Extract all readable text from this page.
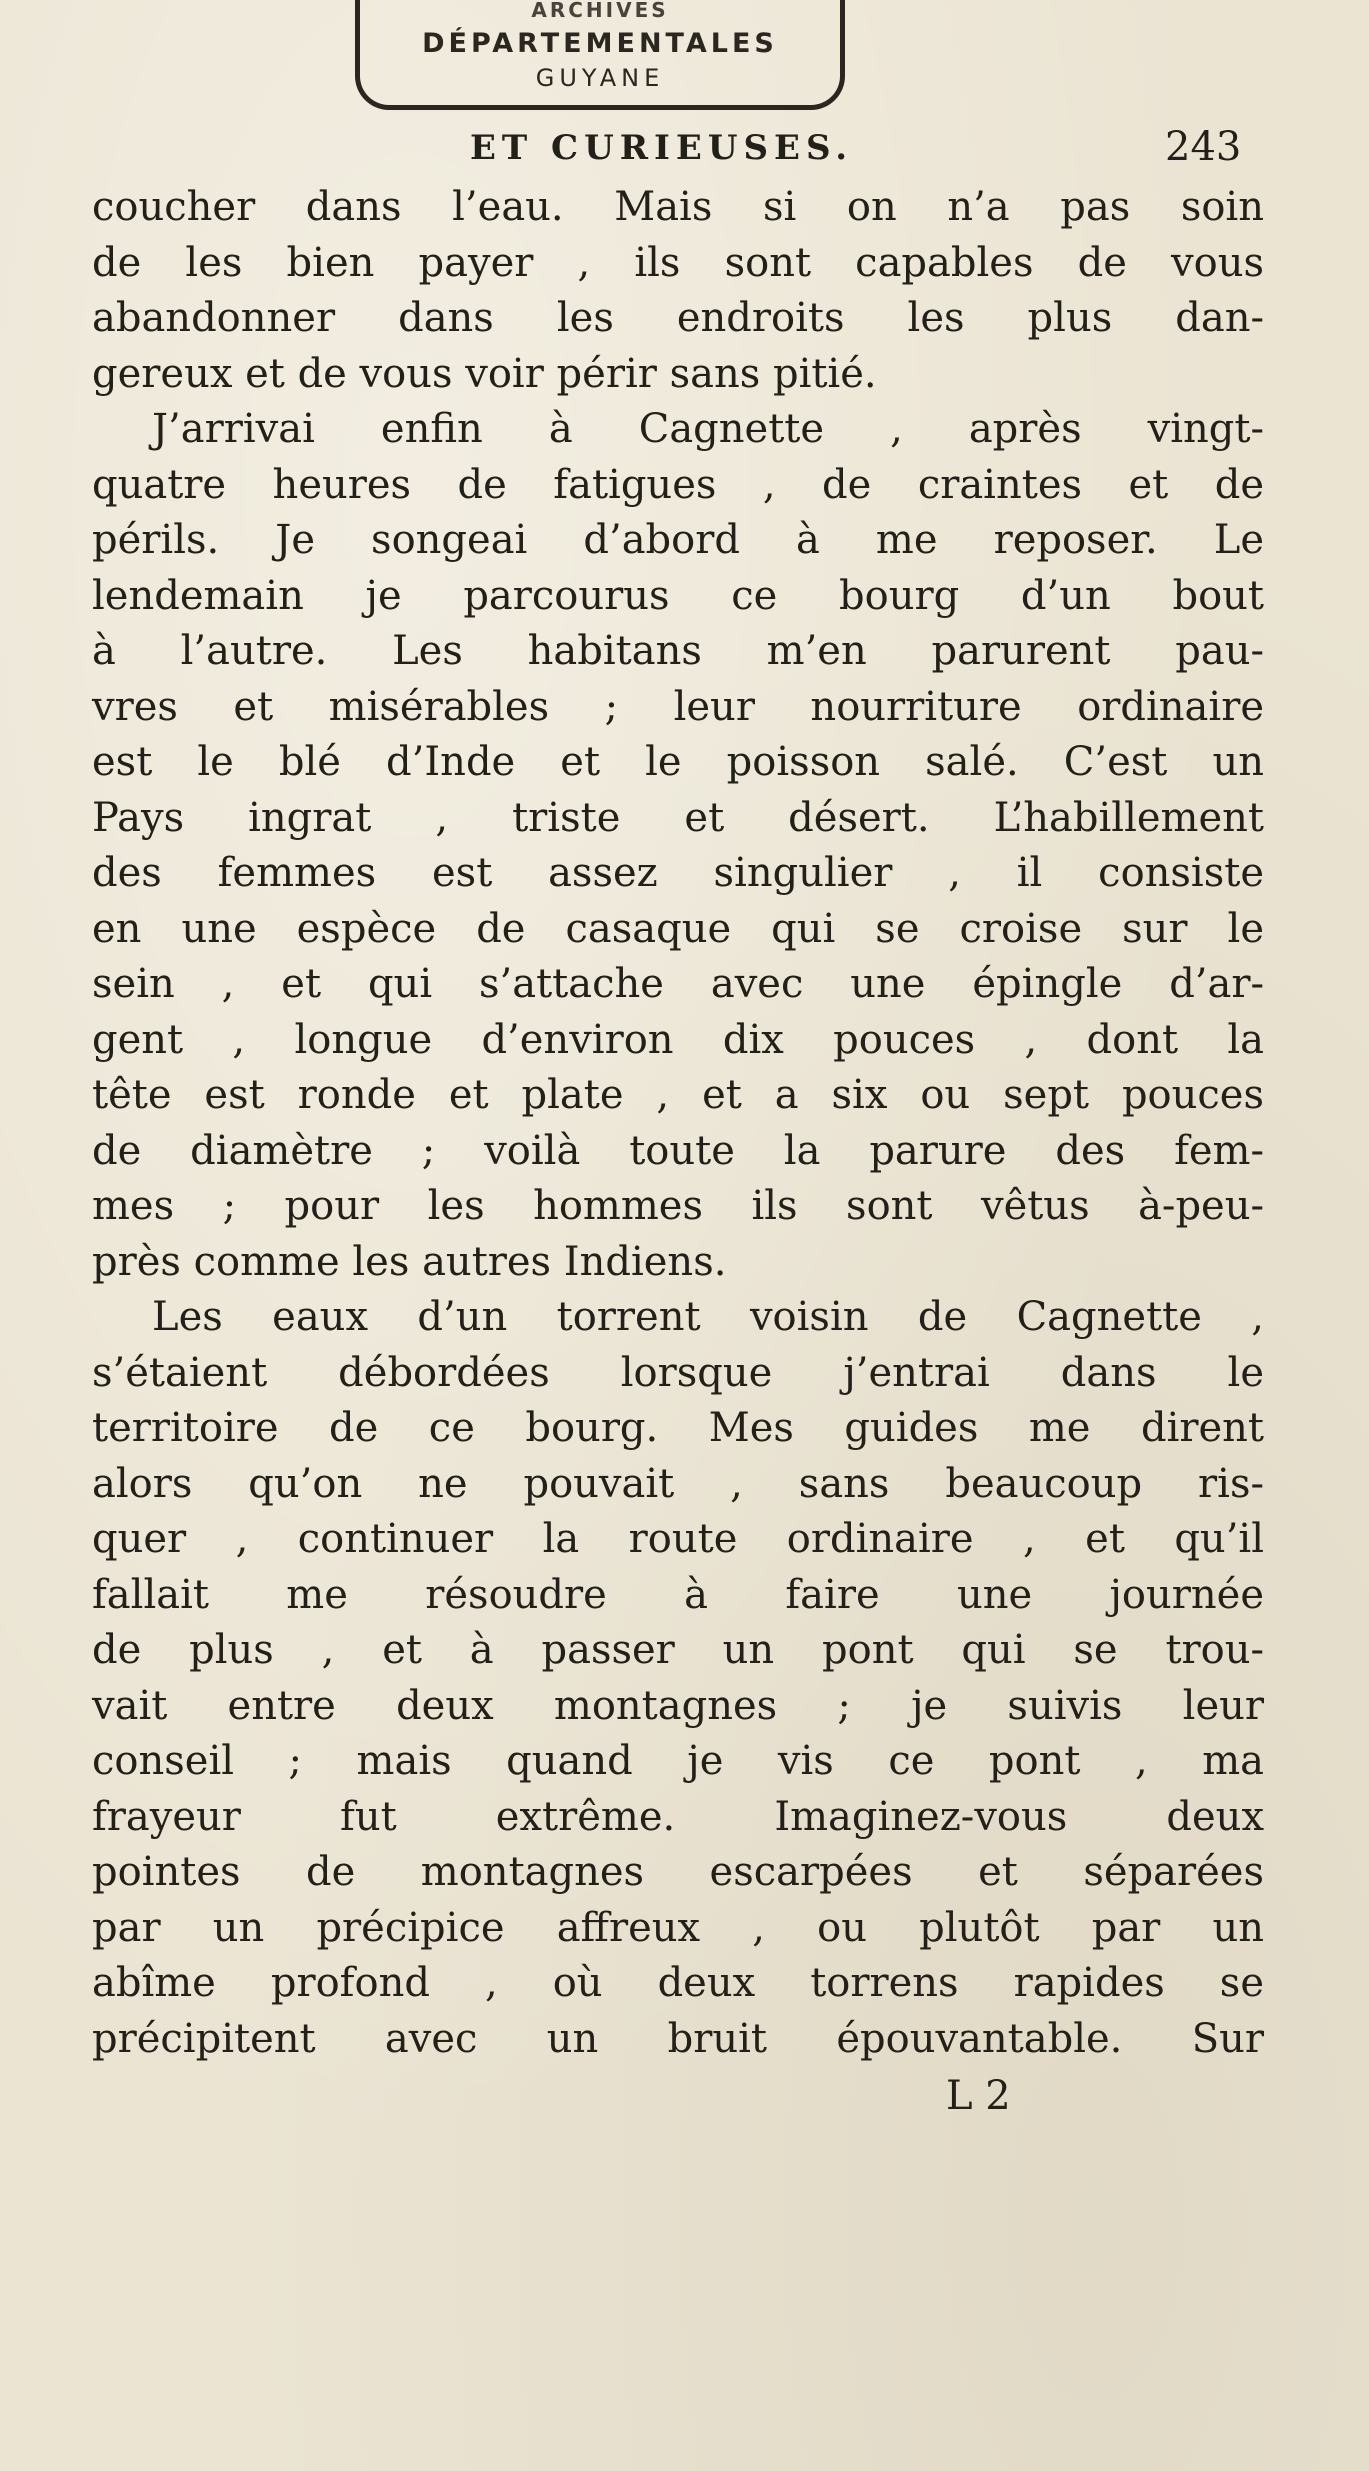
ARCHIVES
DÉPARTEMENTALES
GUYANE
ET CURIEUSES.	243
coucher dans l’eau. Mais si on n’a pas soin
de les bien payer , ils sont capables de vous
abandonner dans les endroits les plus dan-
gereux et de vous voir périr sans pitié.
J’arrivai enfin à Cagnette , après vingt-
quatre heures de fatigues , de craintes et de
périls. Je songeai d’abord à me reposer. Le
lendemain je parcourus ce bourg d’un bout
à l’autre. Les habitans m’en parurent pau-
vres et misérables ; leur nourriture ordinaire
est le blé d’Inde et le poisson salé. C’est un
Pays ingrat , triste et désert. L’habillement
des femmes est assez singulier , il consiste
en une espèce de casaque qui se croise sur le
sein , et qui s’attache avec une épingle d’ar-
gent , longue d’environ dix pouces , dont la
tête est ronde et plate , et a six ou sept pouces
de diamètre ; voilà toute la parure des fem-
mes ; pour les hommes ils sont vêtus à-peu-
près comme les autres Indiens.
Les eaux d’un torrent voisin de Cagnette ,
s’étaient débordées lorsque j’entrai dans le
territoire de ce bourg. Mes guides me dirent
alors qu’on ne pouvait , sans beaucoup ris-
quer , continuer la route ordinaire , et qu’il
fallait me résoudre à faire une journée
de plus , et à passer un pont qui se trou-
vait entre deux montagnes ; je suivis leur
conseil ; mais quand je vis ce pont , ma
frayeur fut extrême. Imaginez-vous deux
pointes de montagnes escarpées et séparées
par un précipice affreux , ou plutôt par un
abîme profond , où deux torrens rapides se
précipitent avec un bruit épouvantable. Sur
L 2
